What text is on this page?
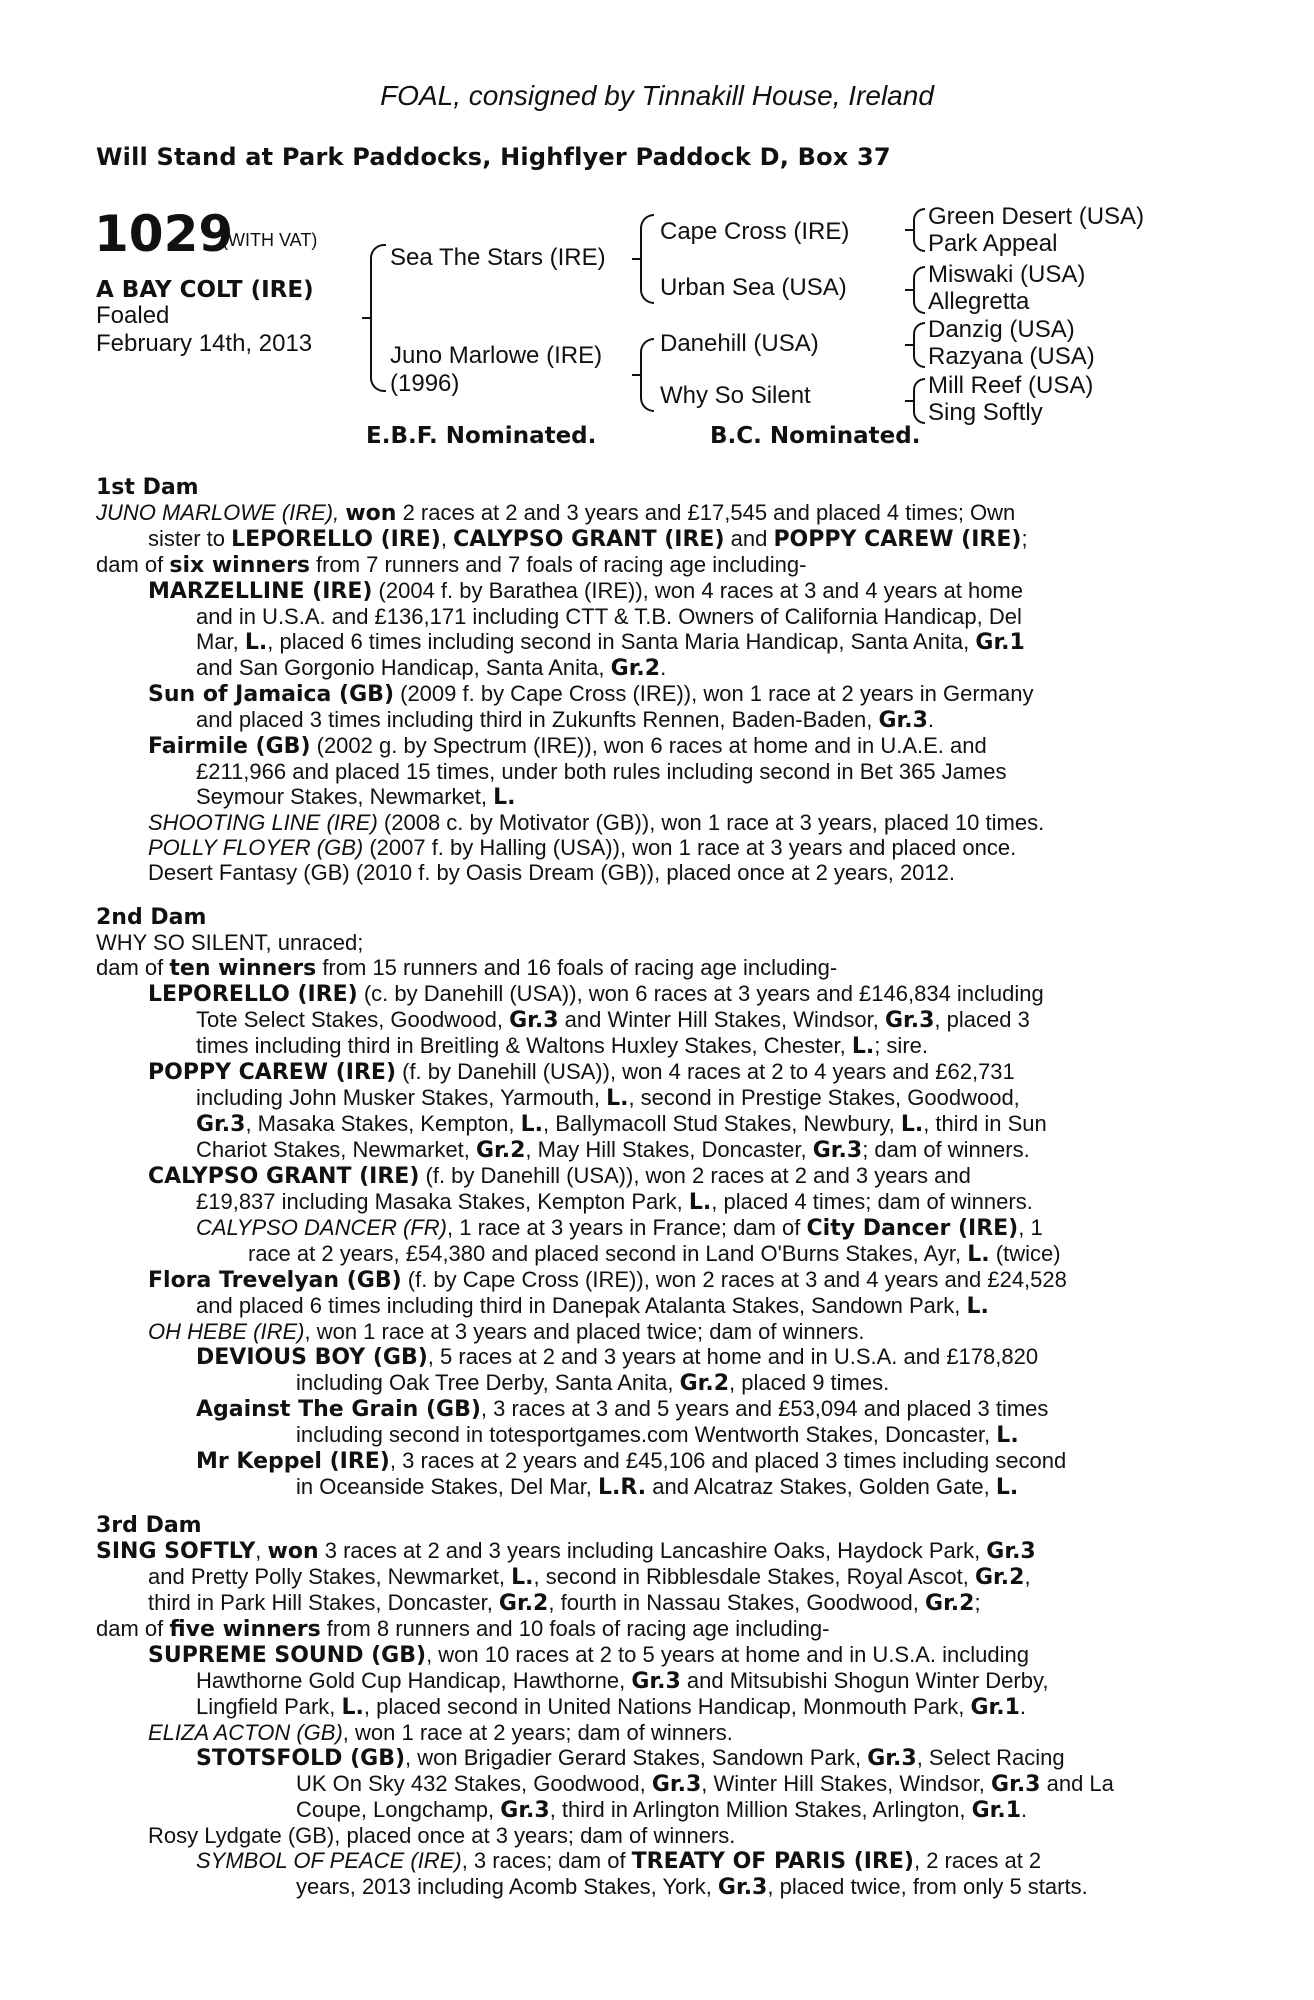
FOAL, consigned by Tinnakill House, Ireland
Will Stand at Park Paddocks, Highflyer Paddock D, Box 37
1029
(WITH VAT)
A BAY COLT (IRE)
Foaled
February 14th, 2013
Sea The Stars (IRE)
Juno Marlowe (IRE)
(1996)
Cape Cross (IRE)
Urban Sea (USA)
Danehill (USA)
Why So Silent
Green Desert (USA)
Park Appeal
Miswaki (USA)
Allegretta
Danzig (USA)
Razyana (USA)
Mill Reef (USA)
Sing Softly
E.B.F. Nominated.	B.C. Nominated.
1st Dam
JUNO MARLOWE (IRE), won 2 races at 2 and 3 years and £17,545 and placed 4 times; Own
sister to LEPORELLO (IRE), CALYPSO GRANT (IRE) and POPPY CAREW (IRE);
dam of six winners from 7 runners and 7 foals of racing age including-
MARZELLINE (IRE) (2004 f. by Barathea (IRE)), won 4 races at 3 and 4 years at home
and in U.S.A. and £136,171 including CTT & T.B. Owners of California Handicap, Del
Mar, L., placed 6 times including second in Santa Maria Handicap, Santa Anita, Gr.1
and San Gorgonio Handicap, Santa Anita, Gr.2.
Sun of Jamaica (GB) (2009 f. by Cape Cross (IRE)), won 1 race at 2 years in Germany
and placed 3 times including third in Zukunfts Rennen, Baden-Baden, Gr.3.
Fairmile (GB) (2002 g. by Spectrum (IRE)), won 6 races at home and in U.A.E. and
£211,966 and placed 15 times, under both rules including second in Bet 365 James
Seymour Stakes, Newmarket, L.
SHOOTING LINE (IRE) (2008 c. by Motivator (GB)), won 1 race at 3 years, placed 10 times.
POLLY FLOYER (GB) (2007 f. by Halling (USA)), won 1 race at 3 years and placed once.
Desert Fantasy (GB) (2010 f. by Oasis Dream (GB)), placed once at 2 years, 2012.
2nd Dam
WHY SO SILENT, unraced;
dam of ten winners from 15 runners and 16 foals of racing age including-
LEPORELLO (IRE) (c. by Danehill (USA)), won 6 races at 3 years and £146,834 including
Tote Select Stakes, Goodwood, Gr.3 and Winter Hill Stakes, Windsor, Gr.3, placed 3
times including third in Breitling & Waltons Huxley Stakes, Chester, L.; sire.
POPPY CAREW (IRE) (f. by Danehill (USA)), won 4 races at 2 to 4 years and £62,731
including John Musker Stakes, Yarmouth, L., second in Prestige Stakes, Goodwood,
Gr.3, Masaka Stakes, Kempton, L., Ballymacoll Stud Stakes, Newbury, L., third in Sun
Chariot Stakes, Newmarket, Gr.2, May Hill Stakes, Doncaster, Gr.3; dam of winners.
CALYPSO GRANT (IRE) (f. by Danehill (USA)), won 2 races at 2 and 3 years and
£19,837 including Masaka Stakes, Kempton Park, L., placed 4 times; dam of winners.
CALYPSO DANCER (FR), 1 race at 3 years in France; dam of City Dancer (IRE), 1
race at 2 years, £54,380 and placed second in Land O'Burns Stakes, Ayr, L. (twice)
Flora Trevelyan (GB) (f. by Cape Cross (IRE)), won 2 races at 3 and 4 years and £24,528
and placed 6 times including third in Danepak Atalanta Stakes, Sandown Park, L.
OH HEBE (IRE), won 1 race at 3 years and placed twice; dam of winners.
DEVIOUS BOY (GB), 5 races at 2 and 3 years at home and in U.S.A. and £178,820
including Oak Tree Derby, Santa Anita, Gr.2, placed 9 times.
Against The Grain (GB), 3 races at 3 and 5 years and £53,094 and placed 3 times
including second in totesportgames.com Wentworth Stakes, Doncaster, L.
Mr Keppel (IRE), 3 races at 2 years and £45,106 and placed 3 times including second
in Oceanside Stakes, Del Mar, L.R. and Alcatraz Stakes, Golden Gate, L.
3rd Dam
SING SOFTLY, won 3 races at 2 and 3 years including Lancashire Oaks, Haydock Park, Gr.3
and Pretty Polly Stakes, Newmarket, L., second in Ribblesdale Stakes, Royal Ascot, Gr.2,
third in Park Hill Stakes, Doncaster, Gr.2, fourth in Nassau Stakes, Goodwood, Gr.2;
dam of five winners from 8 runners and 10 foals of racing age including-
SUPREME SOUND (GB), won 10 races at 2 to 5 years at home and in U.S.A. including
Hawthorne Gold Cup Handicap, Hawthorne, Gr.3 and Mitsubishi Shogun Winter Derby,
Lingfield Park, L., placed second in United Nations Handicap, Monmouth Park, Gr.1.
ELIZA ACTON (GB), won 1 race at 2 years; dam of winners.
STOTSFOLD (GB), won Brigadier Gerard Stakes, Sandown Park, Gr.3, Select Racing
UK On Sky 432 Stakes, Goodwood, Gr.3, Winter Hill Stakes, Windsor, Gr.3 and La
Coupe, Longchamp, Gr.3, third in Arlington Million Stakes, Arlington, Gr.1.
Rosy Lydgate (GB), placed once at 3 years; dam of winners.
SYMBOL OF PEACE (IRE), 3 races; dam of TREATY OF PARIS (IRE), 2 races at 2
years, 2013 including Acomb Stakes, York, Gr.3, placed twice, from only 5 starts.
